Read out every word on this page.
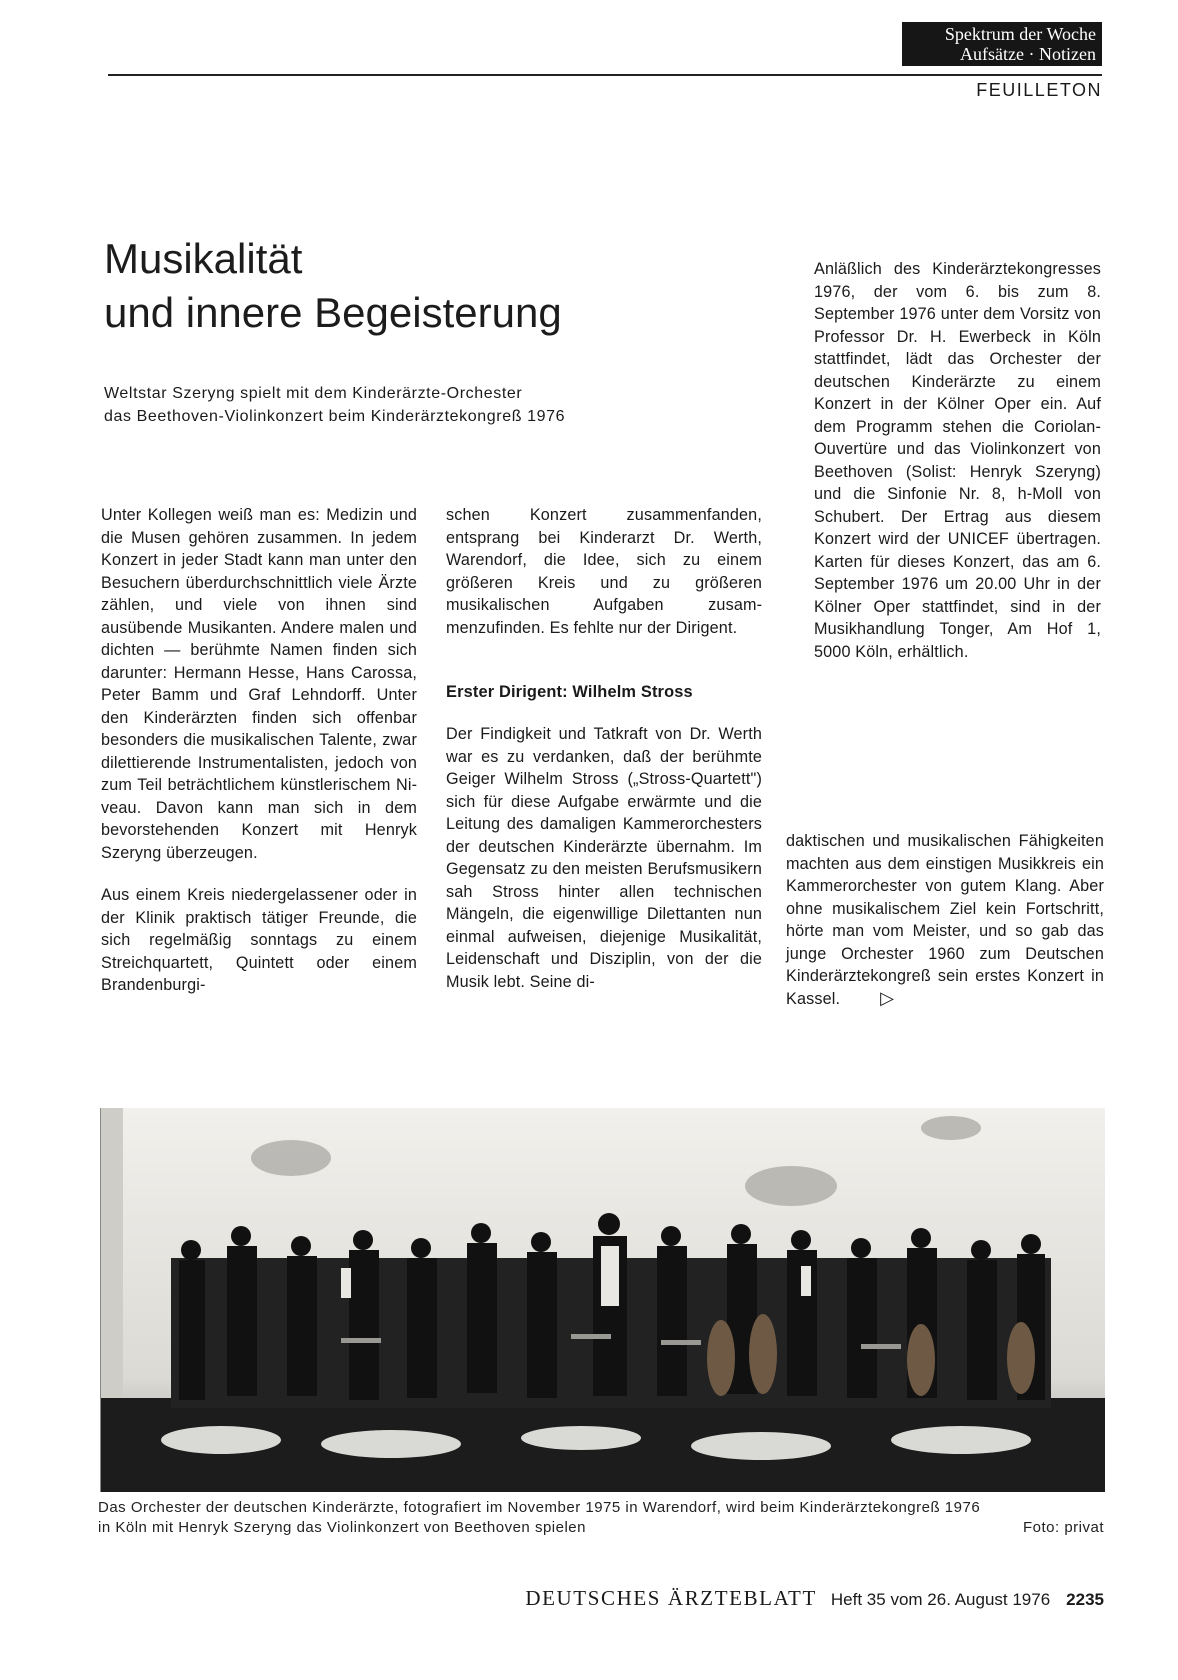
Spektrum der Woche
Aufsätze · Notizen
FEUILLETON
Musikalität
und innere Begeisterung
Weltstar Szeryng spielt mit dem Kinderärzte-Orchester
das Beethoven-Violinkonzert beim Kinderärztekongreß 1976

Unter Kollegen weiß man es: Medizin und die Musen gehören zusammen. In jedem Konzert in jeder Stadt kann man unter den Besuchern überdurchschnittlich viele Ärzte zählen, und viele von ihnen sind ausübende Musikanten. Andere malen und dichten — berühmte Namen finden sich darunter: Hermann Hesse, Hans Carossa, Peter Bamm und Graf Lehndorff. Unter den Kinderärzten finden sich offenbar besonders die musikalischen Talente, zwar dilettierende Instrumentalisten, jedoch von zum Teil beträchtlichem künstlerischem Niveau. Davon kann man sich in dem bevorstehenden Konzert mit Henryk Szeryng überzeugen.

Aus einem Kreis niedergelassener oder in der Klinik praktisch tätiger Freunde, die sich regelmäßig sonntags zu einem Streichquartett, Quintett oder einem Brandenburgi-

schen Konzert zusammenfanden, entsprang bei Kinderarzt Dr. Werth, Warendorf, die Idee, sich zu einem größeren Kreis und zu größeren musikalischen Aufgaben zusammenzufinden. Es fehlte nur der Dirigent.

Erster Dirigent: Wilhelm Stross

Der Findigkeit und Tatkraft von Dr. Werth war es zu verdanken, daß der berühmte Geiger Wilhelm Stross („Stross-Quartett") sich für diese Aufgabe erwärmte und die Leitung des damaligen Kammerorchesters der deutschen Kinderärzte übernahm. Im Gegensatz zu den meisten Berufsmusikern sah Stross hinter allen technischen Mängeln, die eigenwillige Dilettanten nun einmal aufweisen, diejenige Musikalität, Leidenschaft und Disziplin, von der die Musik lebt. Seine di-

Anläßlich des Kinderärztekongresses 1976, der vom 6. bis zum 8. September 1976 unter dem Vorsitz von Professor Dr. H. Ewerbeck in Köln stattfindet, lädt das Orchester der deutschen Kinderärzte zu einem Konzert in der Kölner Oper ein. Auf dem Programm stehen die Coriolan-Ouvertüre und das Violinkonzert von Beethoven (Solist: Henryk Szeryng) und die Sinfonie Nr. 8, h-Moll von Schubert. Der Ertrag aus diesem Konzert wird der UNICEF übertragen. Karten für dieses Konzert, das am 6. September 1976 um 20.00 Uhr in der Kölner Oper stattfindet, sind in der Musikhandlung Tonger, Am Hof 1, 5000 Köln, erhältlich.

daktischen und musikalischen Fähigkeiten machten aus dem einstigen Musikkreis ein Kammerorchester von gutem Klang. Aber ohne musikalischem Ziel kein Fortschritt, hörte man vom Meister, und so gab das junge Orchester 1960 zum Deutschen Kinderärztekongreß sein erstes Konzert in Kassel. ▷

Das Orchester der deutschen Kinderärzte, fotografiert im November 1975 in Warendorf, wird beim Kinderärztekongreß 1976
in Köln mit Henryk Szeryng das Violinkonzert von Beethoven spielen	Foto: privat
DEUTSCHES ÄRZTEBLATT Heft 35 vom 26. August 1976 2235
